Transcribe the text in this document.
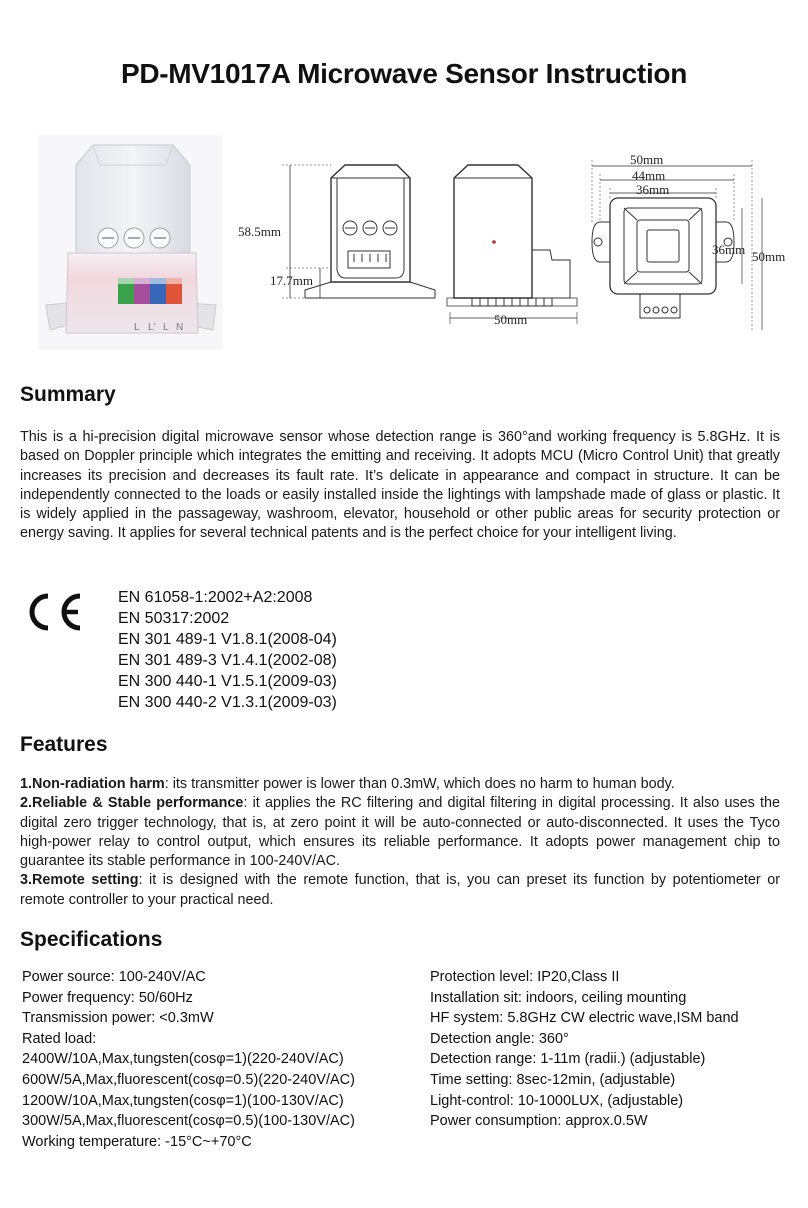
PD-MV1017A Microwave Sensor Instruction
L L' L N
58.5mm
17.7mm
50mm
50mm
44mm
36mm
36mm 50mm
Summary
This is a hi-precision digital microwave sensor whose detection range is 360°and working frequency is 5.8GHz. It is based on Doppler principle which integrates the emitting and receiving. It adopts MCU (Micro Control Unit) that greatly increases its precision and decreases its fault rate. It’s delicate in appearance and compact in structure. It can be independently connected to the loads or easily installed inside the lightings with lampshade made of glass or plastic. It is widely applied in the passageway, washroom, elevator, household or other public areas for security protection or energy saving. It applies for several technical patents and is the perfect choice for your intelligent living.
EN 61058-1:2002+A2:2008
EN 50317:2002
EN 301 489-1 V1.8.1(2008-04)
EN 301 489-3 V1.4.1(2002-08)
EN 300 440-1 V1.5.1(2009-03)
EN 300 440-2 V1.3.1(2009-03)
Features

1.Non-radiation harm: its transmitter power is lower than 0.3mW, which does no harm to human body.

2.Reliable & Stable performance: it applies the RC filtering and digital filtering in digital processing. It also uses the digital zero trigger technology, that is, at zero point it will be auto-connected or auto-disconnected. It uses the Tyco high-power relay to control output, which ensures its reliable performance. It adopts power management chip to guarantee its stable performance in 100-240V/AC.

3.Remote setting: it is designed with the remote function, that is, you can preset its function by potentiometer or remote controller to your practical need.

Specifications
Power source: 100-240V/AC
Power frequency: 50/60Hz
Transmission power: <0.3mW
Rated load:
2400W/10A,Max,tungsten(cosφ=1)(220-240V/AC)
600W/5A,Max,fluorescent(cosφ=0.5)(220-240V/AC)
1200W/10A,Max,tungsten(cosφ=1)(100-130V/AC)
300W/5A,Max,fluorescent(cosφ=0.5)(100-130V/AC)
Working temperature: -15°C~+70°C
Protection level: IP20,Class II
Installation sit: indoors, ceiling mounting
HF system: 5.8GHz CW electric wave,ISM band
Detection angle: 360°
Detection range: 1-11m (radii.) (adjustable)
Time setting: 8sec-12min, (adjustable)
Light-control: 10-1000LUX, (adjustable)
Power consumption: approx.0.5W
